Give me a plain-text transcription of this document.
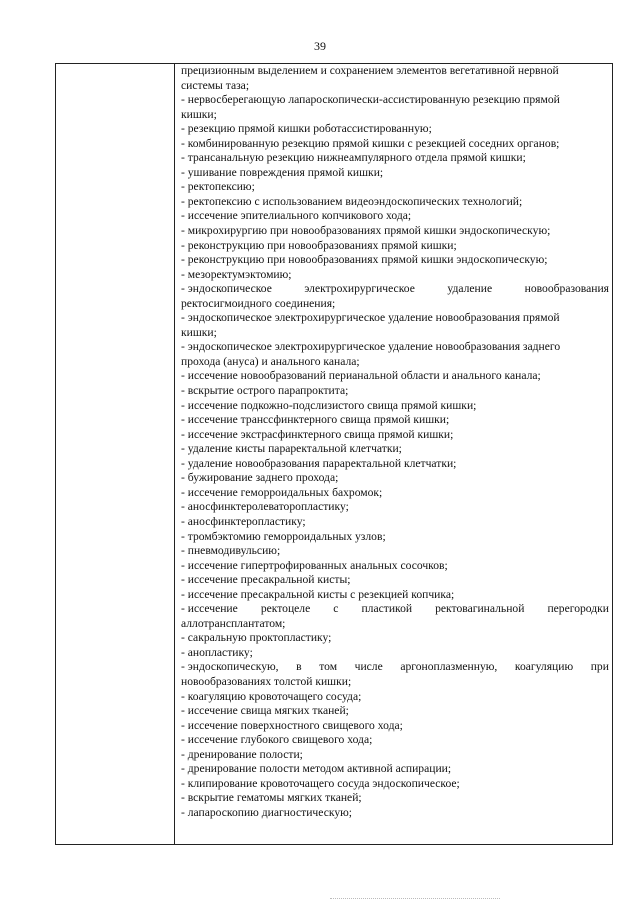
39
прецизионным выделением и сохранением элементов вегетативной нервной
системы таза;
- нервосберегающую лапароскопически-ассистированную резекцию прямой
кишки;
- резекцию прямой кишки роботассистированную;
- комбинированную резекцию прямой кишки с резекцией соседних органов;
- трансанальную резекцию нижнеампулярного отдела прямой кишки;
- ушивание повреждения прямой кишки;
- ректопексию;
- ректопексию с использованием видеоэндоскопических технологий;
- иссечение эпителиального копчикового хода;
- микрохирургию при новообразованиях прямой кишки эндоскопическую;
- реконструкцию при новообразованиях прямой кишки;
- реконструкцию при новообразованиях прямой кишки эндоскопическую;
- мезоректумэктомию;
- эндоскопическое	электрохирургическое	удаление	новообразования
ректосигмоидного соединения;
- эндоскопическое электрохирургическое удаление новообразования прямой
кишки;
- эндоскопическое электрохирургическое удаление новообразования заднего
прохода (ануса) и анального канала;
- иссечение новообразований перианальной области и анального канала;
- вскрытие острого парапроктита;
- иссечение подкожно-подслизистого свища прямой кишки;
- иссечение транссфинктерного свища прямой кишки;
- иссечение экстрасфинктерного свища прямой кишки;
- удаление кисты параректальной клетчатки;
- удаление новообразования параректальной клетчатки;
- бужирование заднего прохода;
- иссечение геморроидальных бахромок;
- аносфинктеролеваторопластику;
- аносфинктеропластику;
- тромбэктомию геморроидальных узлов;
- пневмодивульсию;
- иссечение гипертрофированных анальных сосочков;
- иссечение пресакральной кисты;
- иссечение пресакральной кисты с резекцией копчика;
- иссечение ректоцеле с пластикой ректовагинальной перегородки
аллотрансплантатом;
- сакральную проктопластику;
- анопластику;
- эндоскопическую, в том числе аргоноплазменную, коагуляцию при
новообразованиях толстой кишки;
- коагуляцию кровоточащего сосуда;
- иссечение свища мягких тканей;
- иссечение поверхностного свищевого хода;
- иссечение глубокого свищевого хода;
- дренирование полости;
- дренирование полости методом активной аспирации;
- клипирование кровоточащего сосуда эндоскопическое;
- вскрытие гематомы мягких тканей;
- лапароскопию диагностическую;
